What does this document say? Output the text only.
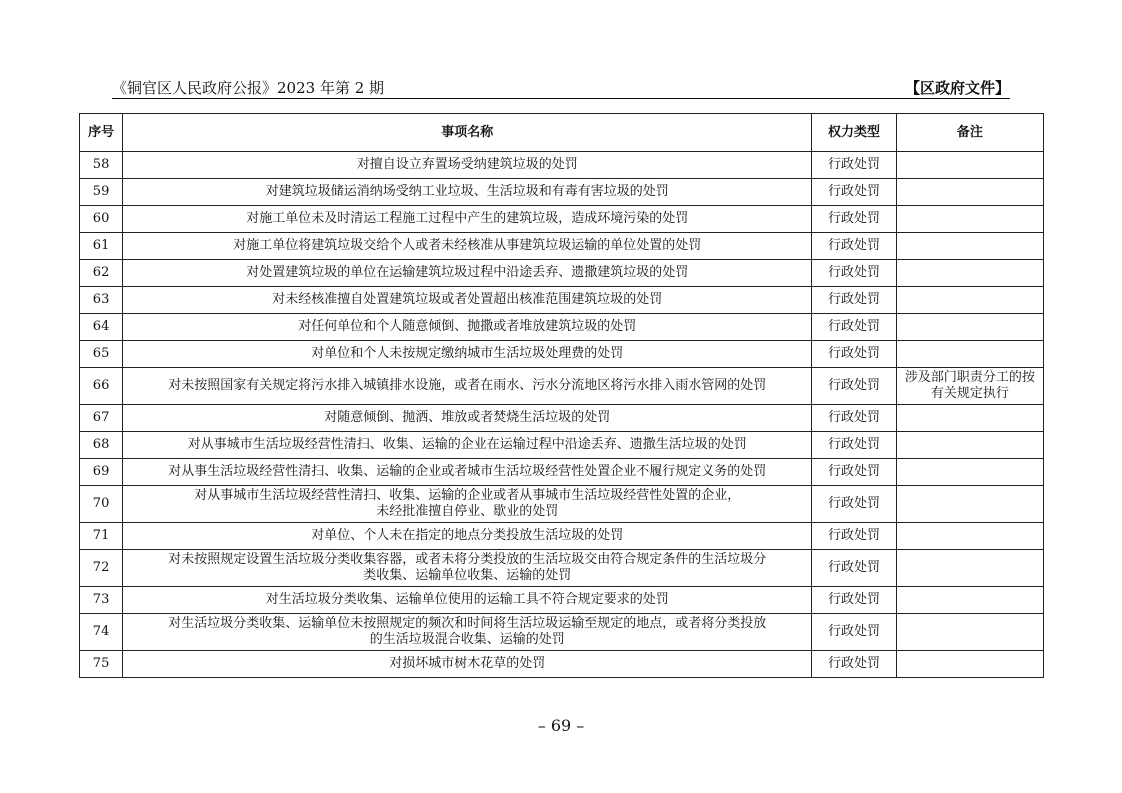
《铜官区人民政府公报》2023 年第 2 期	【区政府文件】
序号	事项名称	权力类型	备注
58	对擅自设立弃置场受纳建筑垃圾的处罚	行政处罚	
59	对建筑垃圾储运消纳场受纳工业垃圾、生活垃圾和有毒有害垃圾的处罚	行政处罚	
60	对施工单位未及时清运工程施工过程中产生的建筑垃圾，造成环境污染的处罚	行政处罚	
61	对施工单位将建筑垃圾交给个人或者未经核准从事建筑垃圾运输的单位处置的处罚	行政处罚	
62	对处置建筑垃圾的单位在运输建筑垃圾过程中沿途丢弃、遗撒建筑垃圾的处罚	行政处罚	
63	对未经核准擅自处置建筑垃圾或者处置超出核准范围建筑垃圾的处罚	行政处罚	
64	对任何单位和个人随意倾倒、抛撒或者堆放建筑垃圾的处罚	行政处罚	
65	对单位和个人未按规定缴纳城市生活垃圾处理费的处罚	行政处罚	
66	对未按照国家有关规定将污水排入城镇排水设施，或者在雨水、污水分流地区将污水排入雨水管网的处罚	行政处罚	涉及部门职责分工的按
有关规定执行

67	对随意倾倒、抛洒、堆放或者焚烧生活垃圾的处罚	行政处罚	
68	对从事城市生活垃圾经营性清扫、收集、运输的企业在运输过程中沿途丢弃、遗撒生活垃圾的处罚	行政处罚	
69	对从事生活垃圾经营性清扫、收集、运输的企业或者城市生活垃圾经营性处置企业不履行规定义务的处罚	行政处罚	
70	对从事城市生活垃圾经营性清扫、收集、运输的企业或者从事城市生活垃圾经营性处置的企业，
未经批准擅自停业、歇业的处罚	行政处罚	
71	对单位、个人未在指定的地点分类投放生活垃圾的处罚	行政处罚	
72	对未按照规定设置生活垃圾分类收集容器，或者未将分类投放的生活垃圾交由符合规定条件的生活垃圾分
类收集、运输单位收集、运输的处罚	行政处罚	
73	对生活垃圾分类收集、运输单位使用的运输工具不符合规定要求的处罚	行政处罚	
74	对生活垃圾分类收集、运输单位未按照规定的频次和时间将生活垃圾运输至规定的地点，或者将分类投放
的生活垃圾混合收集、运输的处罚	行政处罚	
75	对损坏城市树木花草的处罚	行政处罚	
– 69 –
